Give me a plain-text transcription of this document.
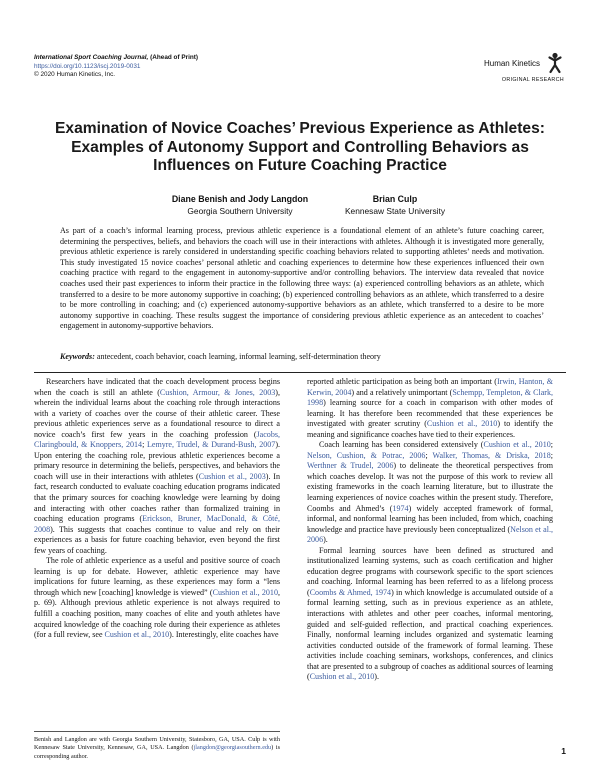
International Sport Coaching Journal, (Ahead of Print)
https://doi.org/10.1123/iscj.2019-0031
© 2020 Human Kinetics, Inc.
Human Kinetics
ORIGINAL RESEARCH
Examination of Novice Coaches’ Previous Experience as Athletes: Examples of Autonomy Support and Controlling Behaviors as Influences on Future Coaching Practice
Diane Benish and Jody Langdon
Georgia Southern University
Brian Culp
Kennesaw State University
As part of a coach’s informal learning process, previous athletic experience is a foundational element of an athlete’s future coaching career, determining the perspectives, beliefs, and behaviors the coach will use in their interactions with athletes. Although it is investigated more generally, previous athletic experience is rarely considered in understanding specific coaching behaviors related to supporting athletes’ needs and motivation. This study investigated 15 novice coaches’ personal athletic and coaching experiences to determine how these experiences influenced their own coaching practice with regard to the engagement in autonomy-supportive and/or controlling behaviors. The interview data revealed that novice coaches used their past experiences to inform their practice in the following three ways: (a) experienced controlling behaviors as an athlete, which transferred to a desire to be more autonomy supportive in coaching; (b) experienced controlling behaviors as an athlete, which transferred to a desire to be more controlling in coaching; and (c) experienced autonomy-supportive behaviors as an athlete, which transferred to a desire to be more autonomy supportive in coaching. These results suggest the importance of considering previous athletic experience as an antecedent to coaches’ engagement in autonomy-supportive behaviors.
Keywords: antecedent, coach behavior, coach learning, informal learning, self-determination theory

Researchers have indicated that the coach development process begins when the coach is still an athlete (Cushion, Armour, & Jones, 2003), wherein the individual learns about the coaching role through interactions with a variety of coaches over the course of their athletic career. These previous athletic experiences serve as a foundational resource to direct a novice coach’s first few years in the coaching profession (Jacobs, Claringbould, & Knoppers, 2014; Lemyre, Trudel, & Durand-Bush, 2007). Upon entering the coaching role, previous athletic experiences become a primary resource in determining the beliefs, perspectives, and behaviors the coach will use in their interactions with athletes (Cushion et al., 2003). In fact, research conducted to evaluate coaching education programs indicated that the primary sources for coaching knowledge were learning by doing and interacting with other coaches rather than formalized training in coaching education programs (Erickson, Bruner, MacDonald, & Côté, 2008). This suggests that coaches continue to value and rely on their experiences as a basis for future coaching behavior, even beyond the first few years of coaching.

The role of athletic experience as a useful and positive source of coach learning is up for debate. However, athletic experience may have implications for future learning, as these experiences may form a “lens through which new [coaching] knowledge is viewed” (Cushion et al., 2010, p. 69). Although previous athletic experience is not always required to fulfill a coaching position, many coaches of elite and youth athletes have acquired knowledge of the coaching role during their experience as athletes (for a full review, see Cushion et al., 2010). Interestingly, elite coaches have

reported athletic participation as being both an important (Irwin, Hanton, & Kerwin, 2004) and a relatively unimportant (Schempp, Templeton, & Clark, 1998) learning source for a coach in comparison with other modes of learning. It has therefore been recommended that these experiences be investigated with greater scrutiny (Cushion et al., 2010) to identify the meaning and significance coaches have tied to their experiences.

Coach learning has been considered extensively (Cushion et al., 2010; Nelson, Cushion, & Potrac, 2006; Walker, Thomas, & Driska, 2018; Werthner & Trudel, 2006) to delineate the theoretical perspectives from which coaches develop. It was not the purpose of this work to review all existing frameworks in the coach learning literature, but to illustrate the learning experiences of novice coaches within the present study. Therefore, Coombs and Ahmed’s (1974) widely accepted framework of formal, informal, and nonformal learning has been included, from which, coaching knowledge and practice have previously been conceptualized (Nelson et al., 2006).

Formal learning sources have been defined as structured and institutionalized learning systems, such as coach certification and higher education degree programs with coursework specific to the sport sciences and coaching. Informal learning has been referred to as a lifelong process (Coombs & Ahmed, 1974) in which knowledge is accumulated outside of a formal learning setting, such as in previous experience as an athlete, interactions with athletes and other peer coaches, informal mentoring, guided and self-guided reflection, and practical coaching experiences. Finally, nonformal learning includes organized and systematic learning activities conducted outside of the framework of formal learning. These activities include coaching seminars, workshops, conferences, and clinics that are presented to a subgroup of coaches as additional sources of learning (Cushion et al., 2010).

Benish and Langdon are with Georgia Southern University, Statesboro, GA, USA. Culp is with Kennesaw State University, Kennesaw, GA, USA. Langdon (jlangdon@georgiasouthern.edu) is corresponding author.
1
